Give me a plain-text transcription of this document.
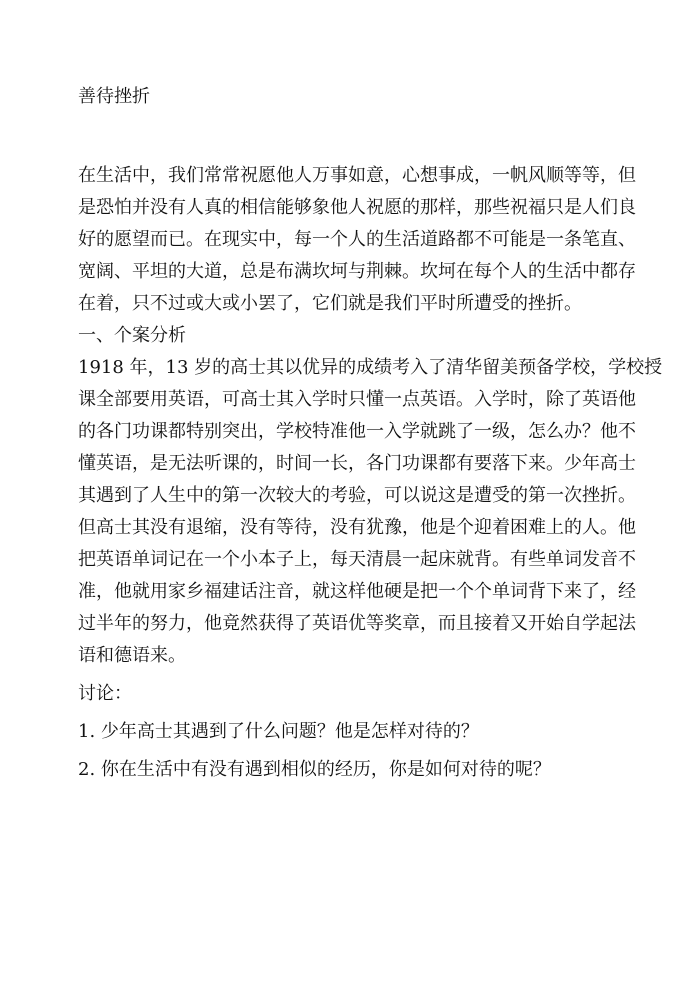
善待挫折
在生活中，我们常常祝愿他人万事如意，心想事成，一帆风顺等等，但
是恐怕并没有人真的相信能够象他人祝愿的那样，那些祝福只是人们良
好的愿望而已。在现实中，每一个人的生活道路都不可能是一条笔直、
宽阔、平坦的大道，总是布满坎坷与荆棘。坎坷在每个人的生活中都存
在着，只不过或大或小罢了，它们就是我们平时所遭受的挫折。
一、个案分析
1918 年，13 岁的高士其以优异的成绩考入了清华留美预备学校，学校授
课全部要用英语，可高士其入学时只懂一点英语。入学时，除了英语他
的各门功课都特别突出，学校特准他一入学就跳了一级，怎么办？他不
懂英语，是无法听课的，时间一长，各门功课都有要落下来。少年高士
其遇到了人生中的第一次较大的考验，可以说这是遭受的第一次挫折。
但高士其没有退缩，没有等待，没有犹豫，他是个迎着困难上的人。他
把英语单词记在一个小本子上，每天清晨一起床就背。有些单词发音不
准，他就用家乡福建话注音，就这样他硬是把一个个单词背下来了，经
过半年的努力，他竟然获得了英语优等奖章，而且接着又开始自学起法
语和德语来。
讨论：
1. 少年高士其遇到了什么问题？他是怎样对待的？
2. 你在生活中有没有遇到相似的经历，你是如何对待的呢？
